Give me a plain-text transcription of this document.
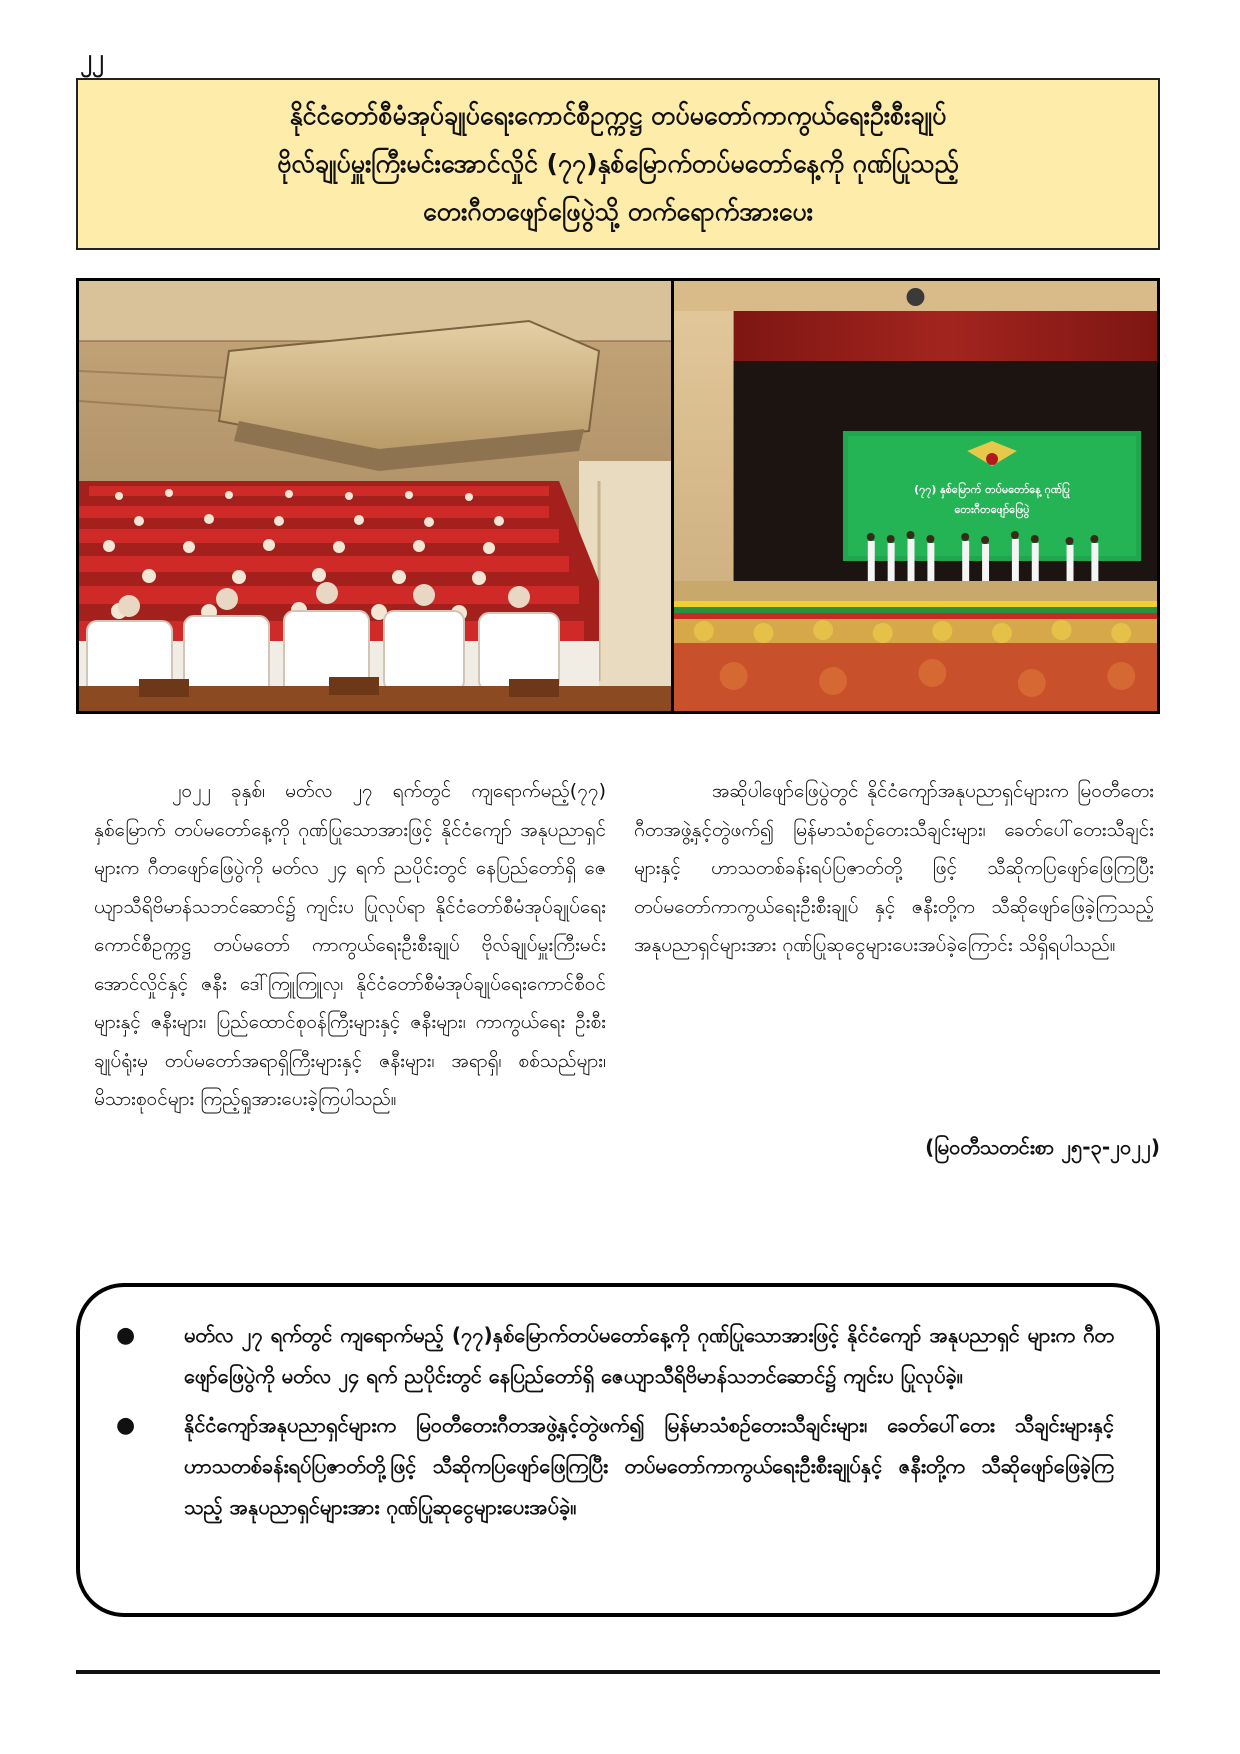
၂၂
နိုင်ငံတော်စီမံအုပ်ချုပ်ရေးကောင်စီဥက္ကဋ္ဌ တပ်မတော်ကာကွယ်ရေးဦးစီးချုပ်
ဗိုလ်ချုပ်မှူးကြီးမင်းအောင်လှိုင် (၇၇)နှစ်မြောက်တပ်မတော်နေ့ကို ဂုဏ်ပြုသည့်
တေးဂီတဖျော်ဖြေပွဲသို့ တက်ရောက်အားပေး
(၇၇) နှစ်မြောက် တပ်မတော်နေ့ ဂုဏ်ပြု
တေးဂီတဖျော်ဖြေပွဲ

၂၀၂၂ ခုနှစ်၊ မတ်လ ၂၇ ရက်တွင် ကျရောက်မည့်(၇၇) နှစ်မြောက် တပ်မတော်နေ့ကို ဂုဏ်ပြုသောအားဖြင့် နိုင်ငံကျော် အနုပညာရှင်များက ဂီတဖျော်ဖြေပွဲကို မတ်လ ၂၄ ရက် ညပိုင်းတွင် နေပြည်တော်ရှိ ဇေယျာသီရိဗိမာန်သဘင်ဆောင်၌ ကျင်းပ ပြုလုပ်ရာ နိုင်ငံတော်စီမံအုပ်ချုပ်ရေးကောင်စီဥက္ကဋ္ဌ တပ်မတော် ကာကွယ်ရေးဦးစီးချုပ် ဗိုလ်ချုပ်မှူးကြီးမင်းအောင်လှိုင်နှင့် ဇနီး ဒေါ်ကြူကြူလှ၊ နိုင်ငံတော်စီမံအုပ်ချုပ်ရေးကောင်စီဝင်များနှင့် ဇနီးများ၊ ပြည်ထောင်စုဝန်ကြီးများနှင့် ဇနီးများ၊ ကာကွယ်ရေး ဦးစီးချုပ်ရုံးမှ တပ်မတော်အရာရှိကြီးများနှင့် ဇနီးများ၊ အရာရှိ၊ စစ်သည်များ၊ မိသားစုဝင်များ ကြည့်ရှုအားပေးခဲ့ကြပါသည်။

အဆိုပါဖျော်ဖြေပွဲတွင် နိုင်ငံကျော်အနုပညာရှင်များက မြဝတီတေးဂီတအဖွဲ့နှင့်တွဲဖက်၍ မြန်မာသံစဉ်တေးသီချင်းများ၊ ခေတ်ပေါ်တေးသီချင်းများနှင့် ဟာသတစ်ခန်းရပ်ပြဇာတ်တို့ ဖြင့် သီဆိုကပြဖျော်ဖြေကြပြီး တပ်မတော်ကာကွယ်ရေးဦးစီးချုပ် နှင့် ဇနီးတို့က သီဆိုဖျော်ဖြေခဲ့ကြသည့် အနုပညာရှင်များအား ဂုဏ်ပြုဆုငွေများပေးအပ်ခဲ့ကြောင်း သိရှိရပါသည်။

(မြဝတီသတင်းစာ ၂၅-၃-၂၀၂၂)
● မတ်လ ၂၇ ရက်တွင် ကျရောက်မည့် (၇၇)နှစ်မြောက်တပ်မတော်နေ့ကို ဂုဏ်ပြုသောအားဖြင့် နိုင်ငံကျော် အနုပညာရှင် များက ဂီတဖျော်ဖြေပွဲကို မတ်လ ၂၄ ရက် ညပိုင်းတွင် နေပြည်တော်ရှိ ဇေယျာသီရိဗိမာန်သဘင်ဆောင်၌ ကျင်းပ ပြုလုပ်ခဲ့။
● နိုင်ငံကျော်အနုပညာရှင်များက မြဝတီတေးဂီတအဖွဲ့နှင့်တွဲဖက်၍ မြန်မာသံစဉ်တေးသီချင်းများ၊ ခေတ်ပေါ်တေး သီချင်းများနှင့် ဟာသတစ်ခန်းရပ်ပြဇာတ်တို့ဖြင့် သီဆိုကပြဖျော်ဖြေကြပြီး တပ်မတော်ကာကွယ်ရေးဦးစီးချုပ်နှင့် ဇနီးတို့က သီဆိုဖျော်ဖြေခဲ့ကြသည့် အနုပညာရှင်များအား ဂုဏ်ပြုဆုငွေများပေးအပ်ခဲ့။
